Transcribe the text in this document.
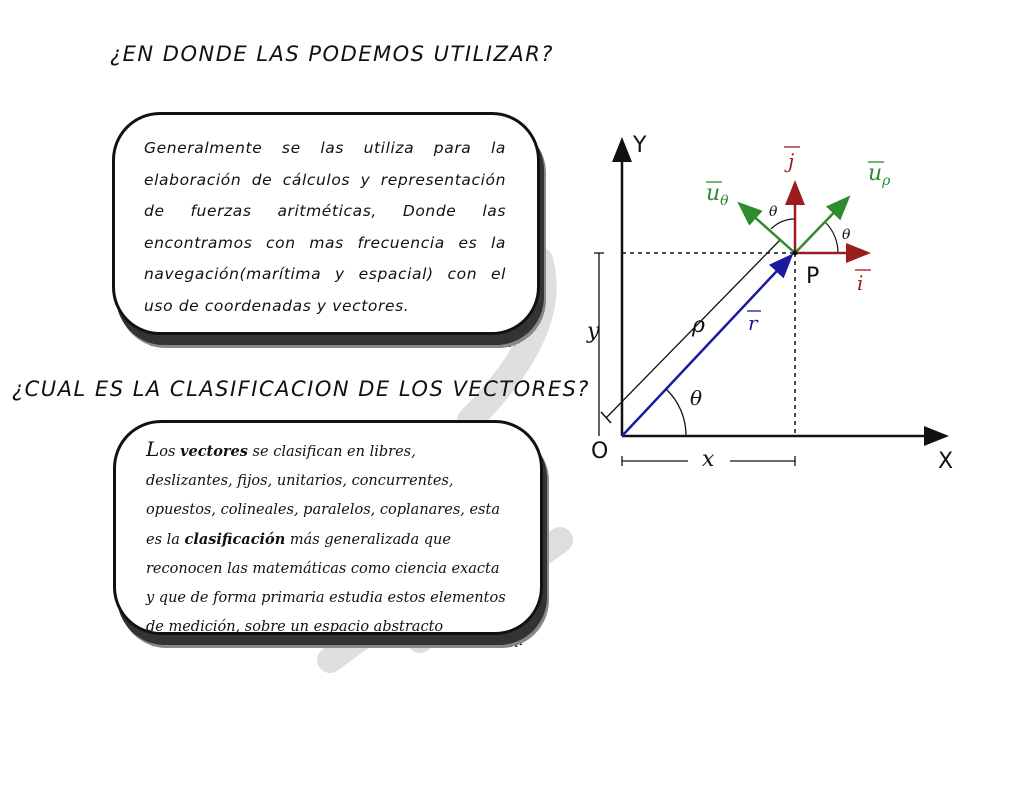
¿EN DONDE LAS PODEMOS UTILIZAR?

Generalmente se las utiliza para la elaboración de cálculos y representación de fuerzas aritméticas, Donde las encontramos con mas frecuencia es la navegación(marítima y espacial) con el uso de coordenadas y vectores.

¿CUAL ES LA CLASIFICACION DE LOS VECTORES?

Los vectores se clasifican en libres, deslizantes, fijos, unitarios, concurrentes, opuestos, colineales, paralelos, coplanares, esta es la clasificación más generalizada que reconocen las matemáticas como ciencia exacta y que de forma primaria estudia estos elementos de medición, sobre un espacio abstracto

Y
X
O
P
j
i
$u_\rho$
$u_\theta$
r
θ
θ
θ
ρ
y
x
